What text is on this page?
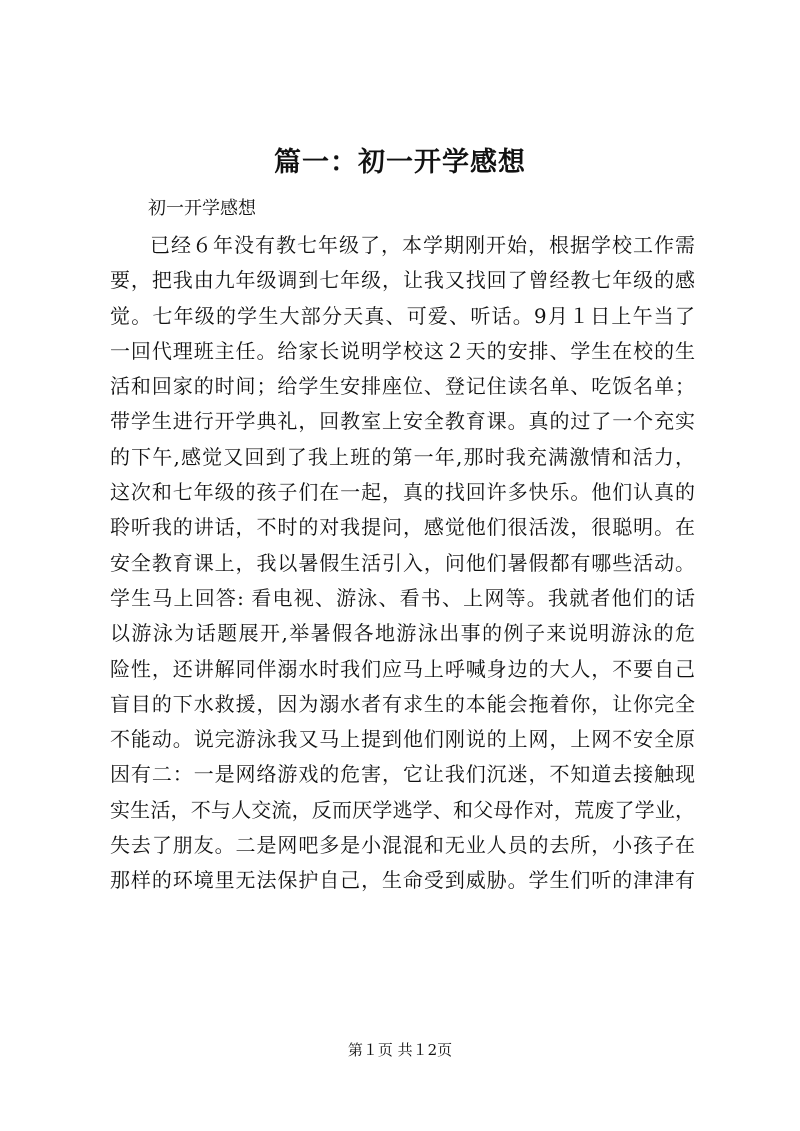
篇一：初一开学感想
初一开学感想
已经６年没有教七年级了，本学期刚开始，根据学校工作需
要，把我由九年级调到七年级，让我又找回了曾经教七年级的感
觉。七年级的学生大部分天真、可爱、听话。9月１日上午当了
一回代理班主任。给家长说明学校这２天的安排、学生在校的生
活和回家的时间；给学生安排座位、登记住读名单、吃饭名单；
带学生进行开学典礼，回教室上安全教育课。真的过了一个充实
的下午,感觉又回到了我上班的第一年,那时我充满激情和活力，
这次和七年级的孩子们在一起，真的找回许多快乐。他们认真的
聆听我的讲话，不时的对我提问，感觉他们很活泼，很聪明。在
安全教育课上，我以暑假生活引入，问他们暑假都有哪些活动。
学生马上回答: 看电视、游泳、看书、上网等。我就者他们的话
以游泳为话题展开,举暑假各地游泳出事的例子来说明游泳的危
险性，还讲解同伴溺水时我们应马上呼喊身边的大人，不要自己
盲目的下水救援，因为溺水者有求生的本能会拖着你，让你完全
不能动。说完游泳我又马上提到他们刚说的上网，上网不安全原
因有二：一是网络游戏的危害，它让我们沉迷，不知道去接触现
实生活，不与人交流，反而厌学逃学、和父母作对，荒废了学业，
失去了朋友。二是网吧多是小混混和无业人员的去所，小孩子在
那样的环境里无法保护自己，生命受到威胁。学生们听的津津有
第１页 共１2页
